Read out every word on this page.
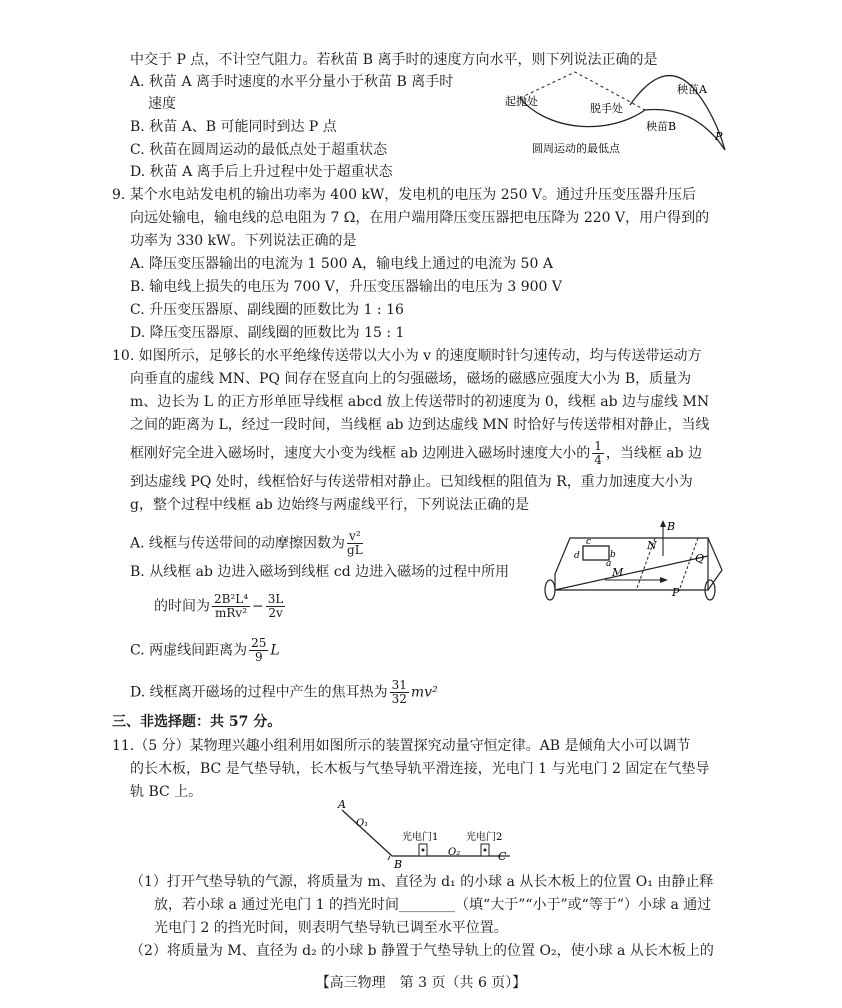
中交于 P 点，不计空气阻力。若秋苗 B 离手时的速度方向水平，则下列说法正确的是
A. 秋苗 A 离手时速度的水平分量小于秋苗 B 离手时
速度
B. 秋苗 A、B 可能同时到达 P 点
C. 秋苗在圆周运动的最低点处于超重状态
D. 秋苗 A 离手后上升过程中处于超重状态
起抛处
脱手处
秧苗A
秧苗B
P
圆周运动的最低点
9. 某个水电站发电机的输出功率为 400 kW，发电机的电压为 250 V。通过升压变压器升压后
向远处输电，输电线的总电阻为 7 Ω，在用户端用降压变压器把电压降为 220 V，用户得到的
功率为 330 kW。下列说法正确的是
A. 降压变压器输出的电流为 1 500 A，输电线上通过的电流为 50 A
B. 输电线上损失的电压为 700 V，升压变压器输出的电压为 3 900 V
C. 升压变压器原、副线圈的匝数比为 1 : 16
D. 降压变压器原、副线圈的匝数比为 15 : 1
10. 如图所示，足够长的水平绝缘传送带以大小为 v 的速度顺时针匀速传动，均与传送带运动方
向垂直的虚线 MN、PQ 间存在竖直向上的匀强磁场，磁场的磁感应强度大小为 B，质量为
m、边长为 L 的正方形单匝导线框 abcd 放上传送带时的初速度为 0，线框 ab 边与虚线 MN
之间的距离为 L，经过一段时间，当线框 ab 边到达虚线 MN 时恰好与传送带相对静止，当线
框刚好完全进入磁场时，速度大小变为线框 ab 边刚进入磁场时速度大小的 $\frac{1}{4}$ ，当线框 ab 边
到达虚线 PQ 处时，线框恰好与传送带相对静止。已知线框的阻值为 R，重力加速度大小为
g，整个过程中线框 ab 边始终与两虚线平行，下列说法正确的是
A. 线框与传送带间的动摩擦因数为 $\frac{\text{v²}}{gL}$
B. 从线框 ab 边进入磁场到线框 cd 边进入磁场的过程中所用
的时间为 $\frac{\text{2B²L⁴}}{\text{mRv²}} - \frac{3L}{2v}$
C. 两虚线间距离为 $\frac{25}{9}$ L
D. 线框离开磁场的过程中产生的焦耳热为 $\frac{31}{32} mv^2$
B
N
Q
M
P
a
b
c
d
三、非选择题：共 57 分。
11.（5 分）某物理兴趣小组利用如图所示的装置探究动量守恒定律。AB 是倾角大小可以调节
的长木板，BC 是气垫导轨，长木板与气垫导轨平滑连接，光电门 1 与光电门 2 固定在气垫导
轨 BC 上。
A
O₁
B
光电门1	光电门2
O₂	C
（1）打开气垫导轨的气源，将质量为 m、直径为 d₁ 的小球 a 从长木板上的位置 O₁ 由静止释
放，若小球 a 通过光电门 1 的挡光时间________（填“大于”“小于”或“等于”）小球 a 通过
光电门 2 的挡光时间，则表明气垫导轨已调至水平位置。
（2）将质量为 M、直径为 d₂ 的小球 b 静置于气垫导轨上的位置 O₂，使小球 a 从长木板上的
【高三物理　第 3 页（共 6 页）】
